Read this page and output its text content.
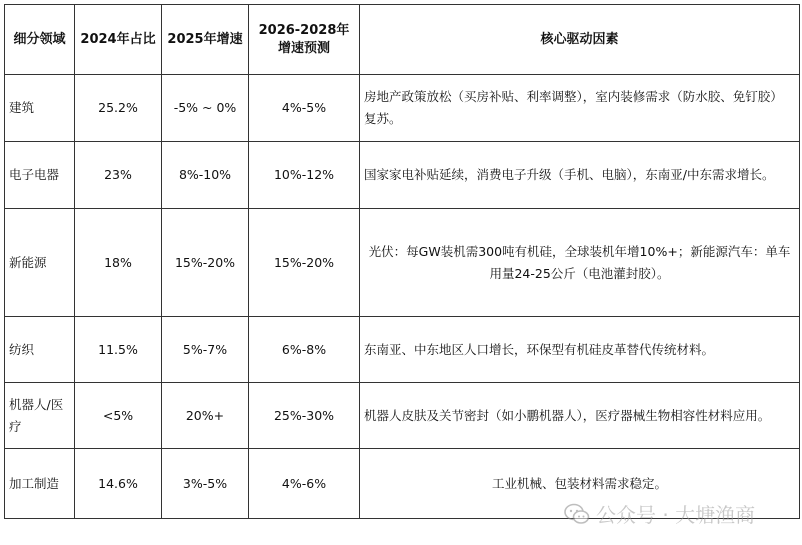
细分领域	2024年占比	2025年增速	2026-2028年增速预测	核心驱动因素
建筑	25.2%	-5% ~ 0%	4%-5%	房地产政策放松（买房补贴、利率调整），室内装修需求（防水胶、免钉胶）复苏。
电子电器	23%	8%-10%	10%-12%	国家家电补贴延续，消费电子升级（手机、电脑），东南亚/中东需求增长。
新能源	18%	15%-20%	15%-20%	光伏：每GW装机需300吨有机硅，全球装机年增10%+；新能源汽车：单车用量24-25公斤（电池灌封胶）。
纺织	11.5%	5%-7%	6%-8%	东南亚、中东地区人口增长，环保型有机硅皮革替代传统材料。
机器人/医疗	<5%	20%+	25%-30%	机器人皮肤及关节密封（如小鹏机器人），医疗器械生物相容性材料应用。
加工制造	14.6%	3%-5%	4%-6%	工业机械、包装材料需求稳定。
公众号 · 大塘渔商
